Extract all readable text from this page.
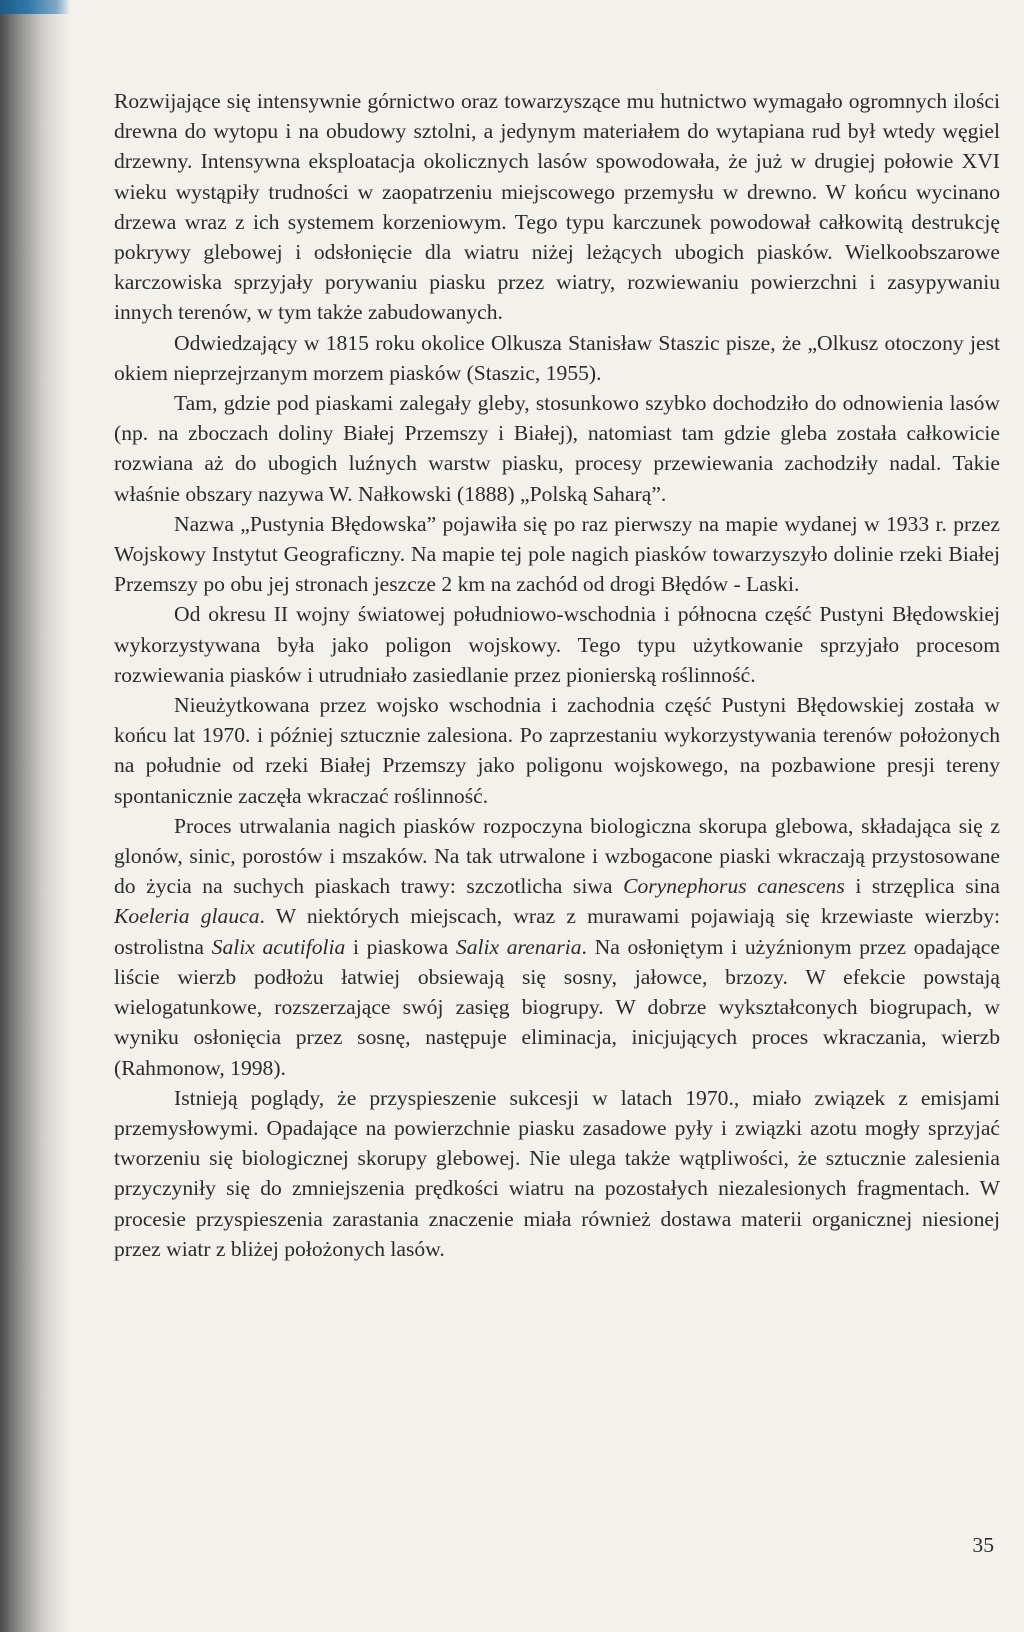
Rozwijające się intensywnie górnictwo oraz towarzyszące mu hutnictwo wymagało ogromnych ilości drewna do wytopu i na obudowy sztolni, a jedynym materiałem do wytapiana rud był wtedy węgiel drzewny. Intensywna eksploatacja okolicznych lasów spowodowała, że już w drugiej połowie XVI wieku wystąpiły trudności w zaopatrzeniu miejscowego przemysłu w drewno. W końcu wycinano drzewa wraz z ich systemem korzeniowym. Tego typu karczunek powodował całkowitą destrukcję pokrywy glebowej i odsłonięcie dla wiatru niżej leżących ubogich piasków. Wielkoobszarowe karczowiska sprzyjały porywaniu piasku przez wiatry, rozwiewaniu powierzchni i zasypywaniu innych terenów, w tym także zabudowanych.

Odwiedzający w 1815 roku okolice Olkusza Stanisław Staszic pisze, że „Olkusz otoczony jest okiem nieprzejrzanym morzem piasków (Staszic, 1955).

Tam, gdzie pod piaskami zalegały gleby, stosunkowo szybko dochodziło do odnowienia lasów (np. na zboczach doliny Białej Przemszy i Białej), natomiast tam gdzie gleba została całkowicie rozwiana aż do ubogich luźnych warstw piasku, procesy przewiewania zachodziły nadal. Takie właśnie obszary nazywa W. Nałkowski (1888) „Polską Saharą”.

Nazwa „Pustynia Błędowska” pojawiła się po raz pierwszy na mapie wydanej w 1933 r. przez Wojskowy Instytut Geograficzny. Na mapie tej pole nagich piasków towarzyszyło dolinie rzeki Białej Przemszy po obu jej stronach jeszcze 2 km na zachód od drogi Błędów - Laski.

Od okresu II wojny światowej południowo-wschodnia i północna część Pustyni Błędowskiej wykorzystywana była jako poligon wojskowy. Tego typu użytkowanie sprzyjało procesom rozwiewania piasków i utrudniało zasiedlanie przez pionierską roślinność.

Nieużytkowana przez wojsko wschodnia i zachodnia część Pustyni Błędowskiej została w końcu lat 1970. i później sztucznie zalesiona. Po zaprzestaniu wykorzystywania terenów położonych na południe od rzeki Białej Przemszy jako poligonu wojskowego, na pozbawione presji tereny spontanicznie zaczęła wkraczać roślinność.

Proces utrwalania nagich piasków rozpoczyna biologiczna skorupa glebowa, składająca się z glonów, sinic, porostów i mszaków. Na tak utrwalone i wzbogacone piaski wkraczają przystosowane do życia na suchych piaskach trawy: szczotlicha siwa Corynephorus canescens i strzęplica sina Koeleria glauca. W niektórych miejscach, wraz z murawami pojawiają się krzewiaste wierzby: ostrolistna Salix acutifolia i piaskowa Salix arenaria. Na osłoniętym i użyźnionym przez opadające liście wierzb podłożu łatwiej obsiewają się sosny, jałowce, brzozy. W efekcie powstają wielogatunkowe, rozszerzające swój zasięg biogrupy. W dobrze wykształconych biogrupach, w wyniku osłonięcia przez sosnę, następuje eliminacja, inicjujących proces wkraczania, wierzb (Rahmonow, 1998).

Istnieją poglądy, że przyspieszenie sukcesji w latach 1970., miało związek z emisjami przemysłowymi. Opadające na powierzchnie piasku zasadowe pyły i związki azotu mogły sprzyjać tworzeniu się biologicznej skorupy glebowej. Nie ulega także wątpliwości, że sztucznie zalesienia przyczyniły się do zmniejszenia prędkości wiatru na pozostałych niezalesionych fragmentach. W procesie przyspieszenia zarastania znaczenie miała również dostawa materii organicznej niesionej przez wiatr z bliżej położonych lasów.

35
